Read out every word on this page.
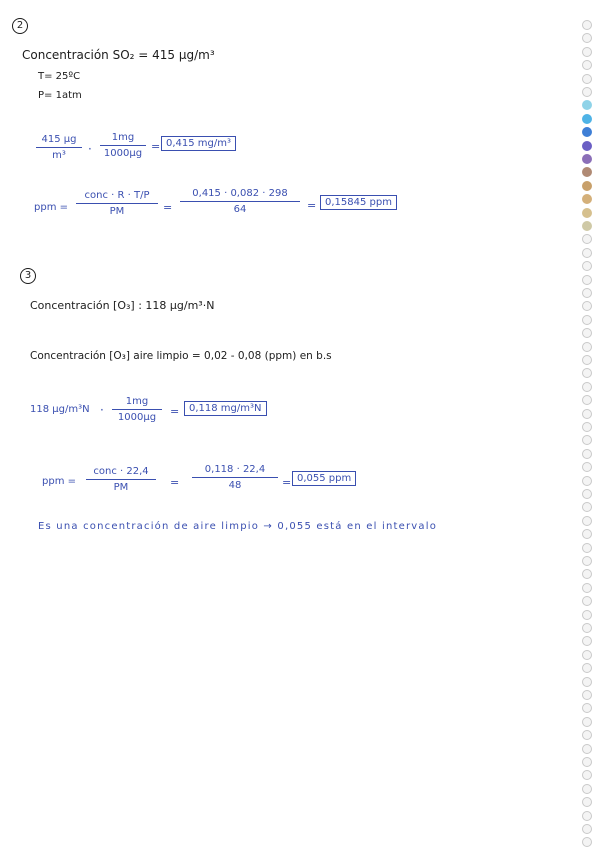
2
Concentración SO₂ = 415 µg/m³
T= 25ºC
P= 1atm
415 µg
m³	·
1mg
1000µg
= 0,415 mg/m³
ppm =
conc · R · T/P
PM	=
0,415 · 0,082 · 298
64	= 0,15845 ppm
3
Concentración [O₃] : 118 µg/m³·N
Concentración [O₃] aire limpio = 0,02 - 0,08 (ppm) en b.s
118 µg/m³N ·
1mg
1000µg	= 0,118 mg/m³N
ppm =
conc · 22,4
PM	=
0,118 · 22,4
48	= 0,055 ppm
Es una concentración de aire limpio → 0,055 está en el intervalo
